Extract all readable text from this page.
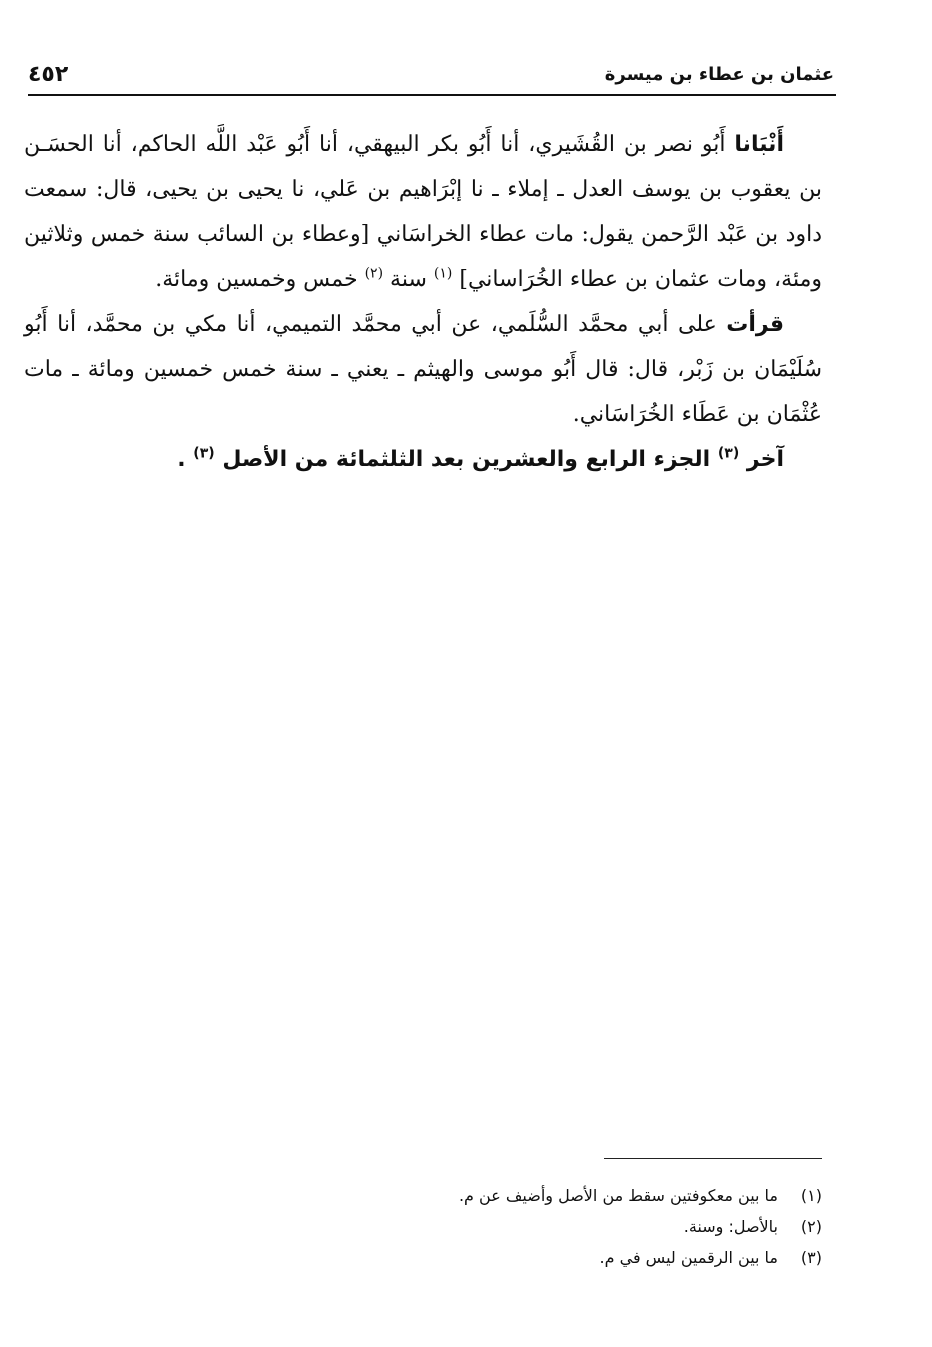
عثمان بن عطاء بن ميسرة
٤٥٢

أَنْبَانا أَبُو نصر بن القُشَيري، أنا أَبُو بكر البيهقي، أنا أَبُو عَبْد اللَّه الحاكم، أنا الحسَـن بن يعقوب بن يوسف العدل ـ إملاء ـ نا إبْرَاهيم بن عَلي، نا يحيى بن يحيى، قال: سمعت داود بن عَبْد الرَّحمن يقول: مات عطاء الخراسَاني [وعطاء بن السائب سنة خمس وثلاثين ومئة، ومات عثمان بن عطاء الخُرَاساني] $^{(١)}$ سنة $^{(٢)}$ خمس وخمسين ومائة.

قرأت على أبي محمَّد السُّلَمي، عن أبي محمَّد التميمي، أنا مكي بن محمَّد، أنا أَبُو سُلَيْمَان بن زَبْر، قال: قال أَبُو موسى والهيثم ـ يعني ـ سنة خمس خمسين ومائة ـ مات عُثْمَان بن عَطَاء الخُرَاسَاني.

آخر $^{(٣)}$ الجزء الرابع والعشرين بعد الثلثمائة من الأصل $^{(٣)}$ .

(١)ما بين معكوفتين سقط من الأصل وأضيف عن م.
(٢)بالأصل: وسنة.
(٣)ما بين الرقمين ليس في م.
